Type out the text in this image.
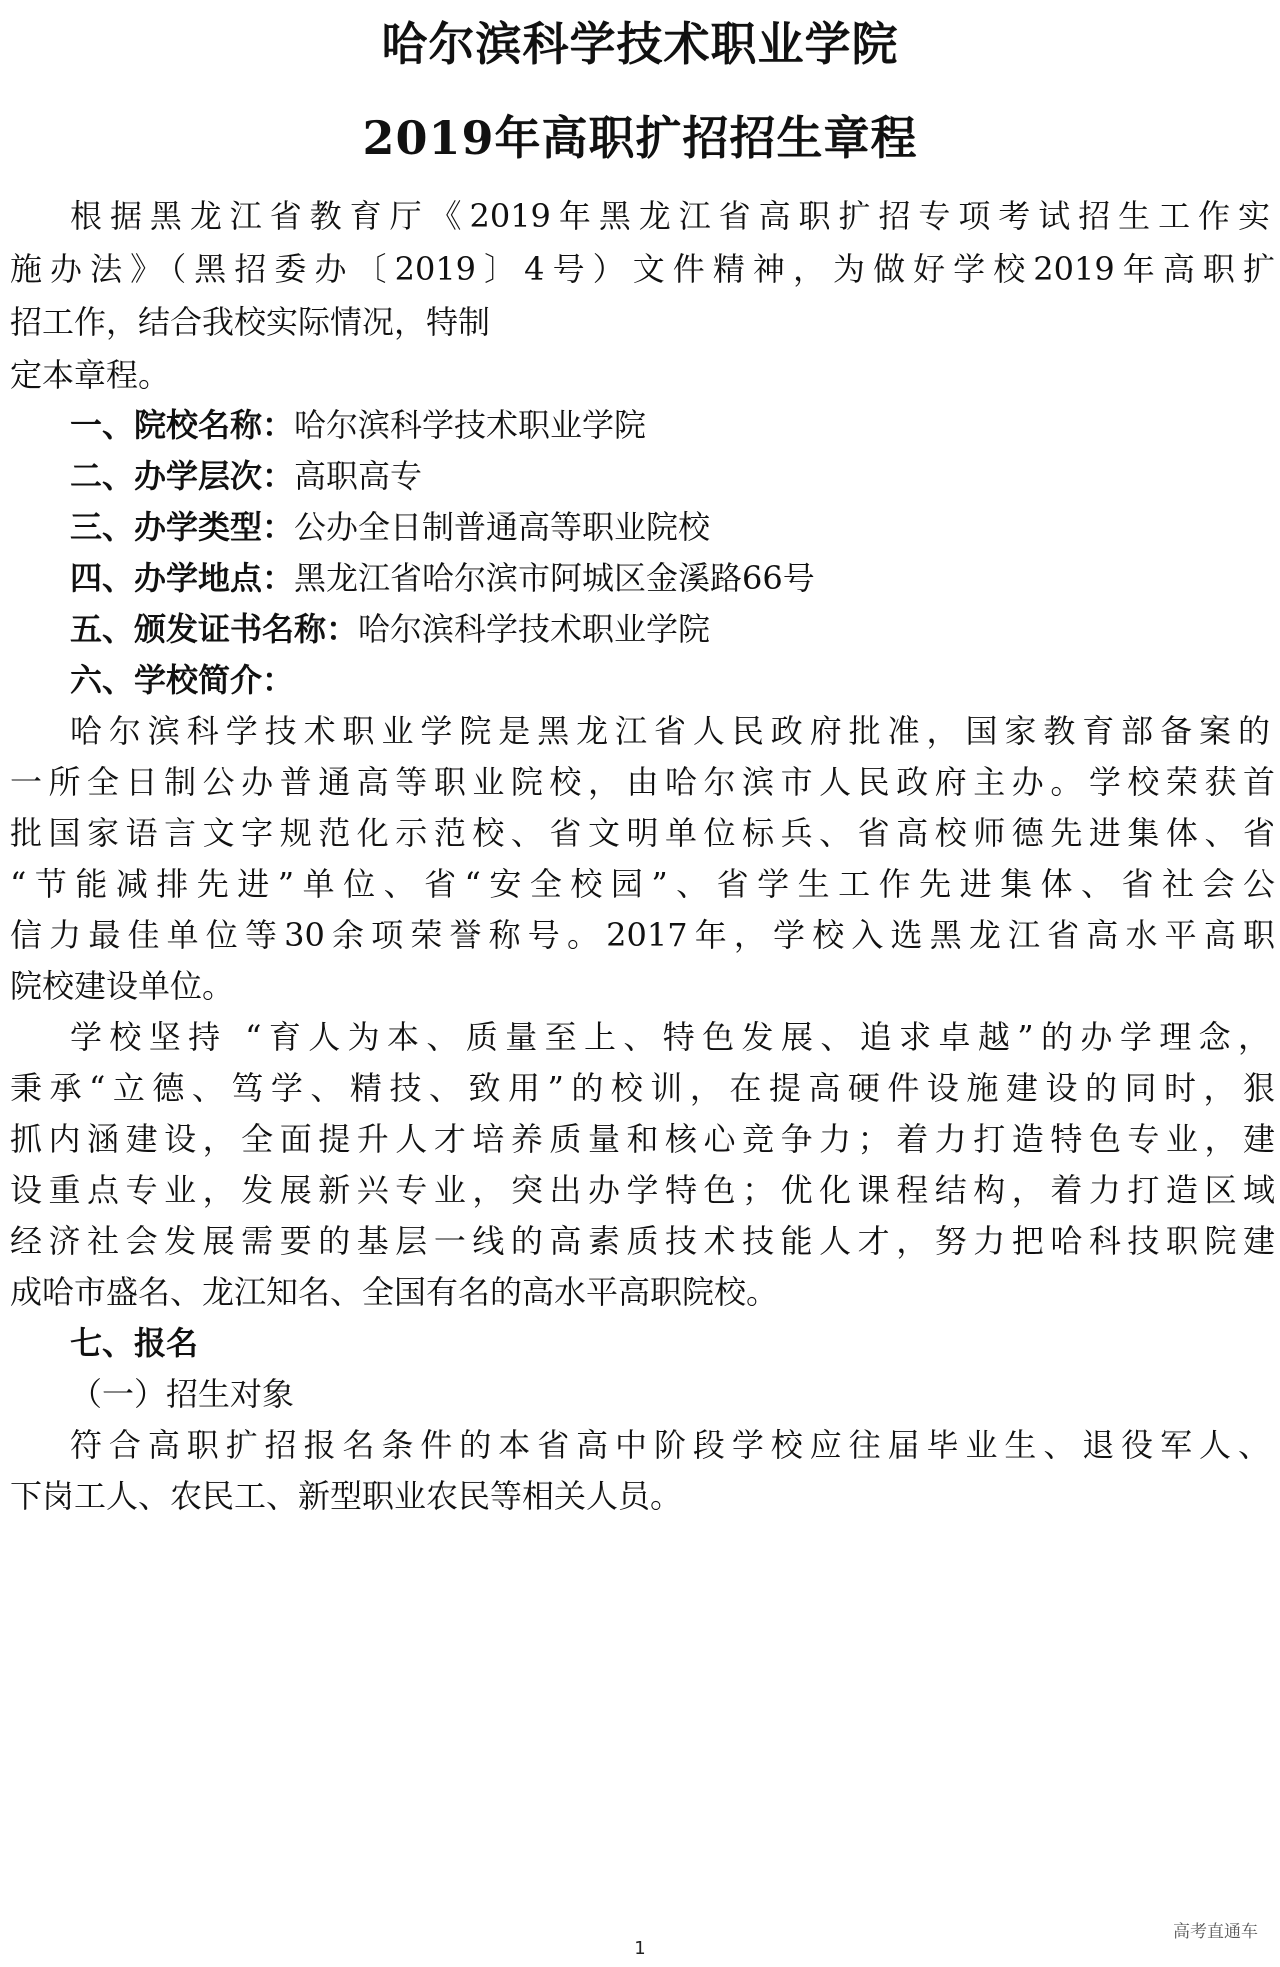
哈尔滨科学技术职业学院
2019年高职扩招招生章程
根据黑龙江省教育厅《2019年黑龙江省高职扩招专项考试招生工作实
施办法》（黑招委办〔2019〕4号）文件精神，为做好学校2019年高职扩
招工作，结合我校实际情况，特制
定本章程。
一、院校名称：哈尔滨科学技术职业学院
二、办学层次：高职高专
三、办学类型：公办全日制普通高等职业院校
四、办学地点：黑龙江省哈尔滨市阿城区金溪路66号
五、颁发证书名称：哈尔滨科学技术职业学院
六、学校简介：
哈尔滨科学技术职业学院是黑龙江省人民政府批准，国家教育部备案的
一所全日制公办普通高等职业院校，由哈尔滨市人民政府主办。学校荣获首
批国家语言文字规范化示范校、省文明单位标兵、省高校师德先进集体、省
“节能减排先进”单位、省“安全校园”、省学生工作先进集体、省社会公
信力最佳单位等30余项荣誉称号。2017年，学校入选黑龙江省高水平高职
院校建设单位。
学校坚持 “育人为本、质量至上、特色发展、追求卓越”的办学理念，
秉承“立德、笃学、精技、致用”的校训，在提高硬件设施建设的同时，狠
抓内涵建设，全面提升人才培养质量和核心竞争力；着力打造特色专业，建
设重点专业，发展新兴专业，突出办学特色；优化课程结构，着力打造区域
经济社会发展需要的基层一线的高素质技术技能人才，努力把哈科技职院建
成哈市盛名、龙江知名、全国有名的高水平高职院校。
七、报名
（一）招生对象
符合高职扩招报名条件的本省高中阶段学校应往届毕业生、退役军人、
下岗工人、农民工、新型职业农民等相关人员。
高考直通车
1
